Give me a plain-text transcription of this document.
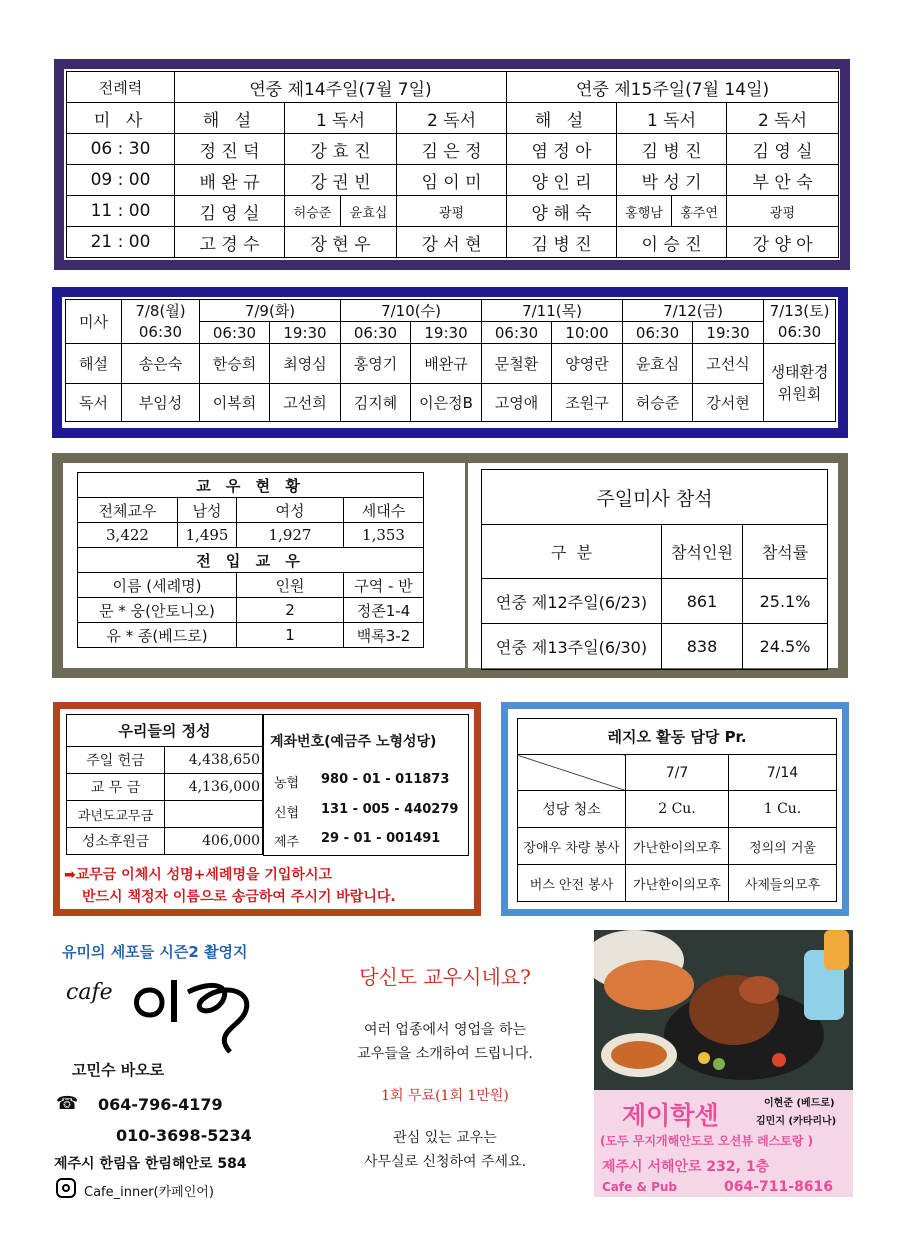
전례력	연중 제14주일(7월 7일)				연중 제15주일(7월 14일)			
미 사	해 설	1 독서		2 독서	해 설	1 독서		2 독서
06 : 30	정 진 덕	강 효 진		김 은 정	염 정 아	김 병 진		김 영 실
09 : 00	배 완 규	강 권 빈		임 이 미	양 인 리	박 성 기		부 안 숙
11 : 00	김 영 실	허승준	윤효십	광평	양 해 숙	홍행남	홍주연	광평
21 : 00	고 경 수	장 현 우		강 서 현	김 병 진	이 승 진		강 양 아
미사	7/8(월)	7/9(화)		7/10(수)		7/11(목)		7/12(금)		7/13(토)
	06:30	06:30	19:30	06:30	19:30	06:30	10:00	06:30	19:30	06:30
해설	송은숙	한승희	최영심	홍영기	배완규	문철환	양영란	윤효심	고선식	생태환경 위원회
독서	부임성	이복희	고선희	김지혜	이은정B	고영애	조원구	허승준	강서현	
교 우 현 황			
전체교우	남성	여성	세대수
3,422	1,495	1,927	1,353
전 입 교 우			
이름 (세례명)		인원	구역 - 반
문 * 웅(안토니오)		2	정존1-4
유 * 종(베드로)		1	백록3-2
주일미사 참석		
구  분	참석인원	참석률
연중 제12주일(6/23)	861	25.1%
연중 제13주일(6/30)	838	24.5%
우리들의 정성	
주일 헌금	4,438,650
교 무 금	4,136,000
과년도교무금	
성소후원금	406,000
계좌번호(예금주 노형성당)
농협 980 - 01 - 011873
신협 131 - 005 - 440279
제주 29 - 01 - 001491
➡교무금 이체시 성명+세례명을 기입하시고
반드시 책정자 이름으로 송금하여 주시기 바랍니다.
레지오 활동 담당 Pr.		
	7/7	7/14
성당 청소	2 Cu.	1 Cu.
장애우 차량 봉사	가난한이의모후	정의의 거울
버스 안전 봉사	가난한이의모후	사제들의모후
유미의 세포들 시즌2 촬영지
cafe
고민수 바오로
☎ 064-796-4179
010-3698-5234
제주시 한림읍 한림해안로 584
Cafe_inner(카페인어)
당신도 교우시네요?
여러 업종에서 영업을 하는
교우들을 소개하여 드립니다.
1회 무료(1회 1만원)
관심 있는 교우는
사무실로 신청하여 주세요.
이현준 (베드로)
제이학센	김민지 (카타리나)
(도두 무지개해안도로 오션뷰 레스토랑 )
제주시 서해안로 232, 1층
Cafe & Pub	064-711-8616
